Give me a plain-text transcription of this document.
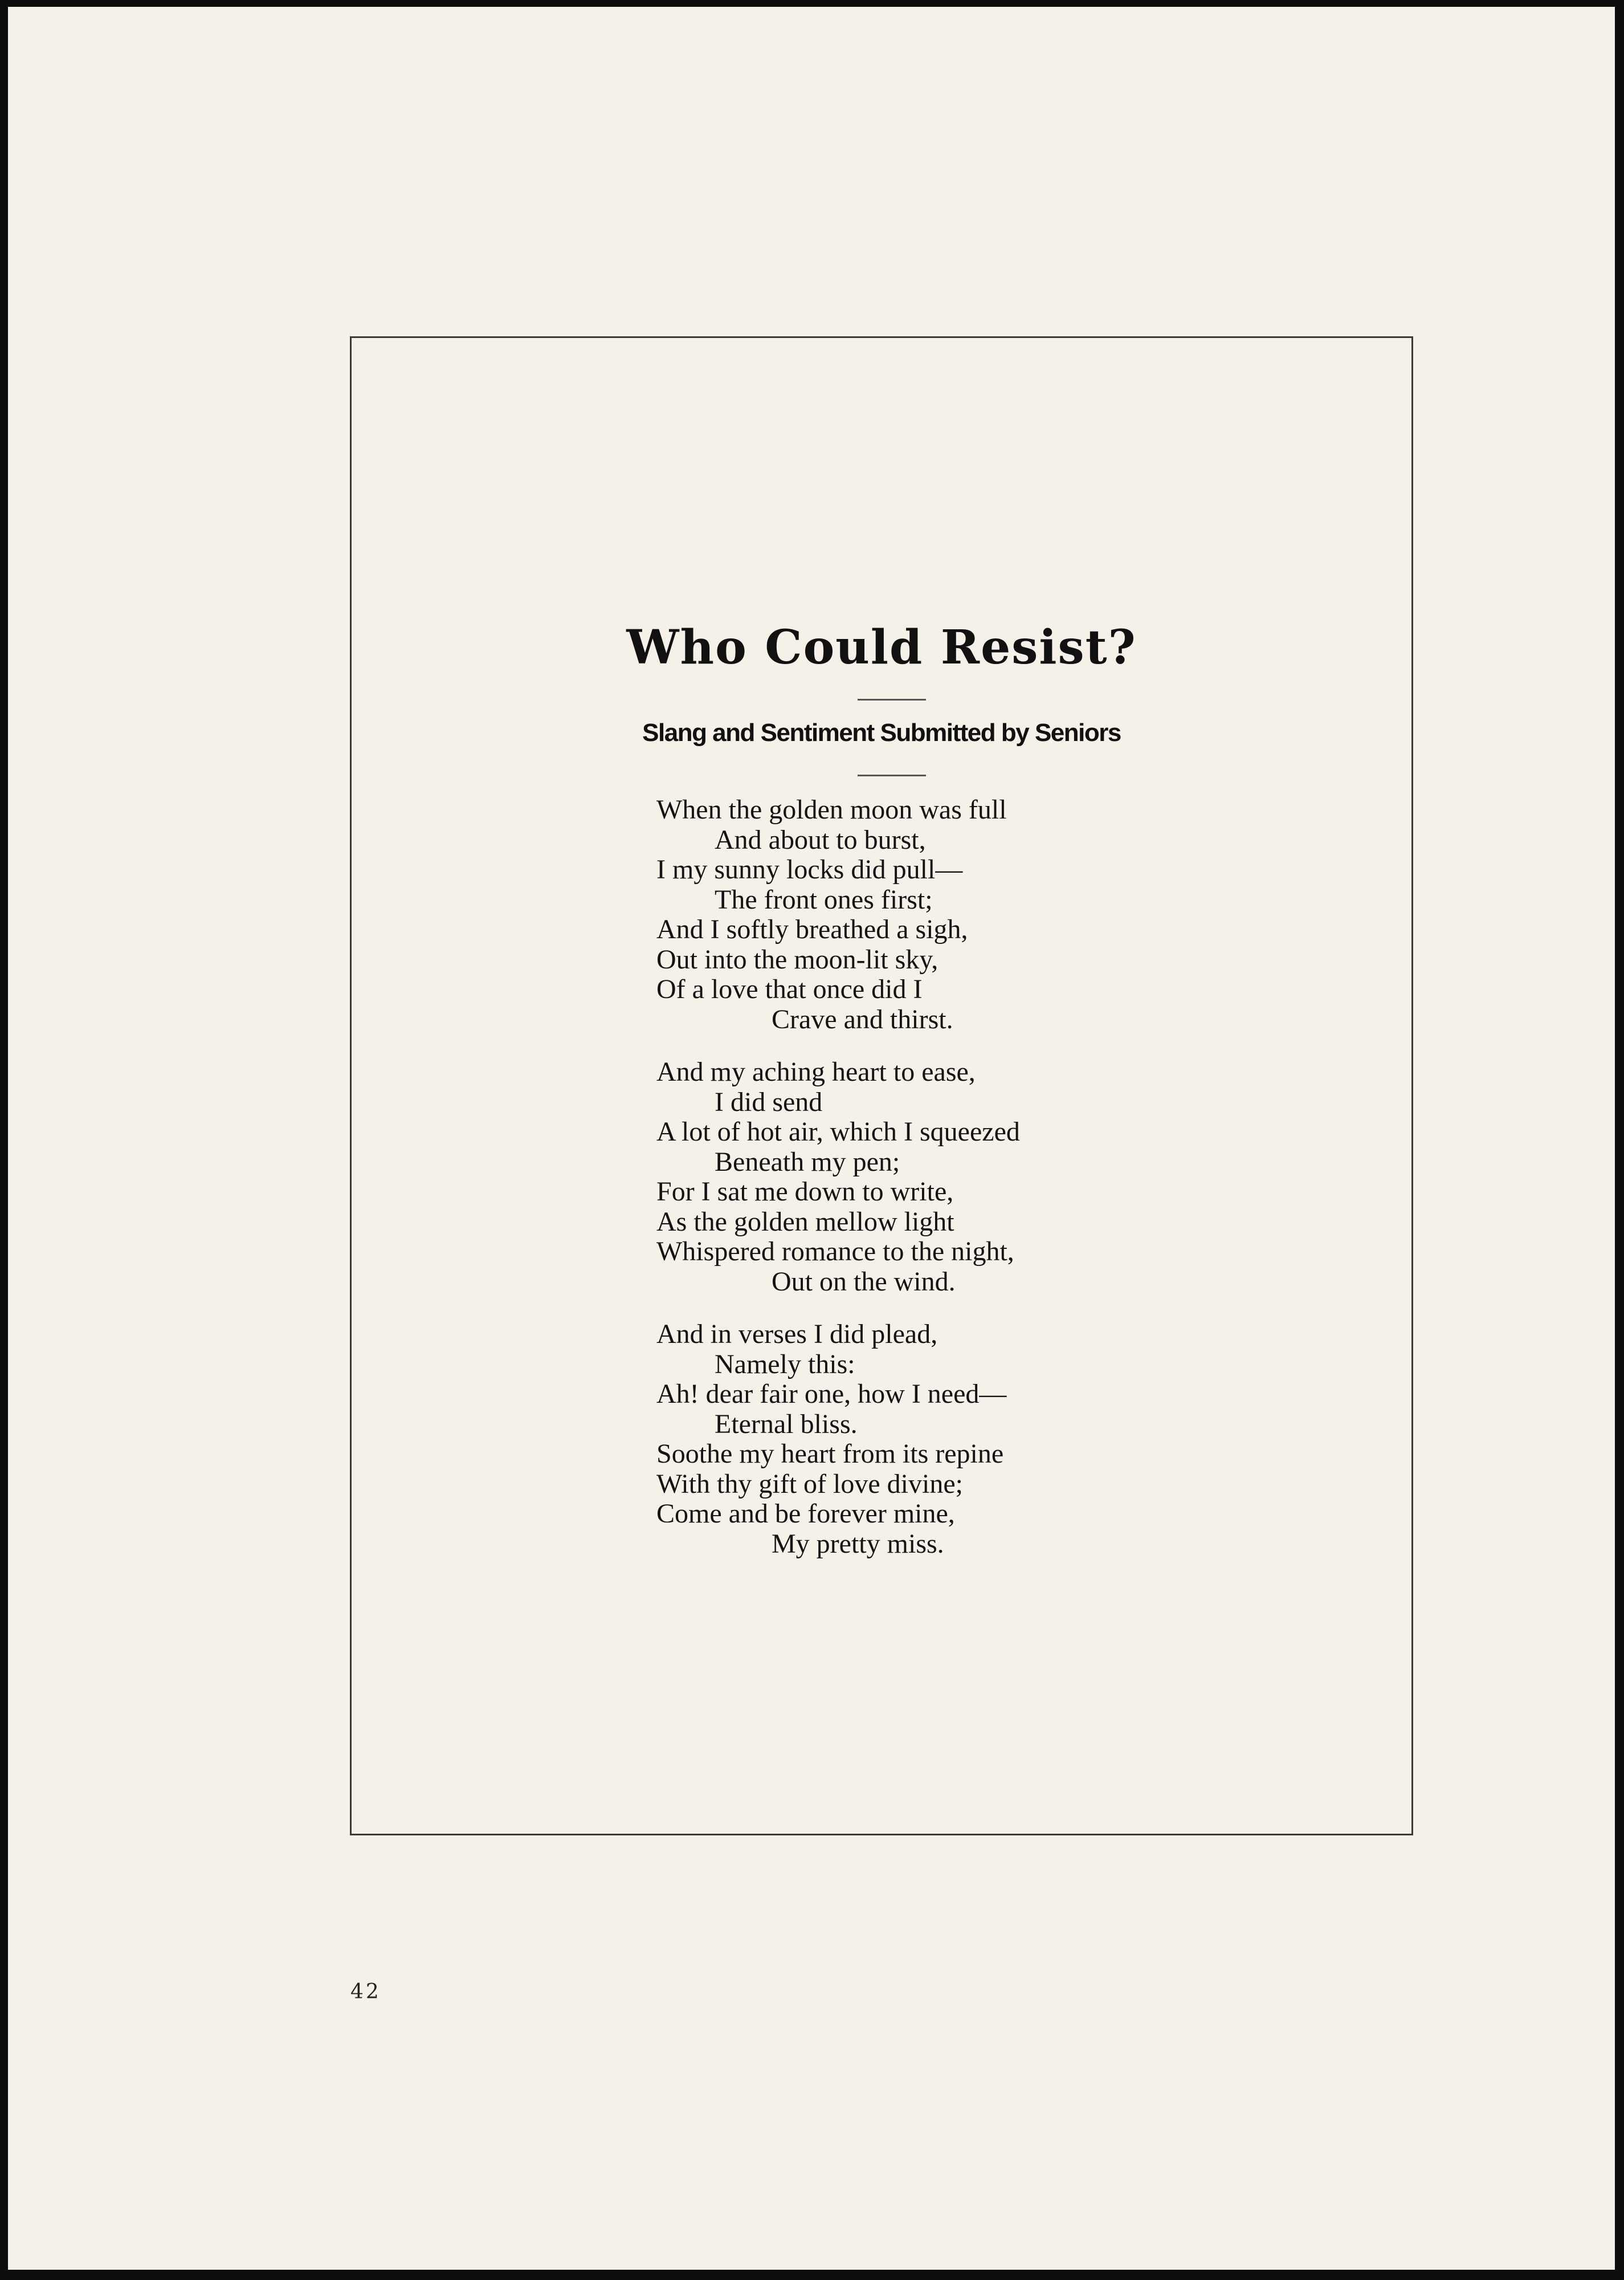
Who Could Resist?
Slang and Sentiment Submitted by Seniors
When the golden moon was full
And about to burst,
I my sunny locks did pull—
The front ones first;
And I softly breathed a sigh,
Out into the moon-lit sky,
Of a love that once did I
Crave and thirst.
And my aching heart to ease,
I did send
A lot of hot air, which I squeezed
Beneath my pen;
For I sat me down to write,
As the golden mellow light
Whispered romance to the night,
Out on the wind.
And in verses I did plead,
Namely this:
Ah! dear fair one, how I need—
Eternal bliss.
Soothe my heart from its repine
With thy gift of love divine;
Come and be forever mine,
My pretty miss.
42
